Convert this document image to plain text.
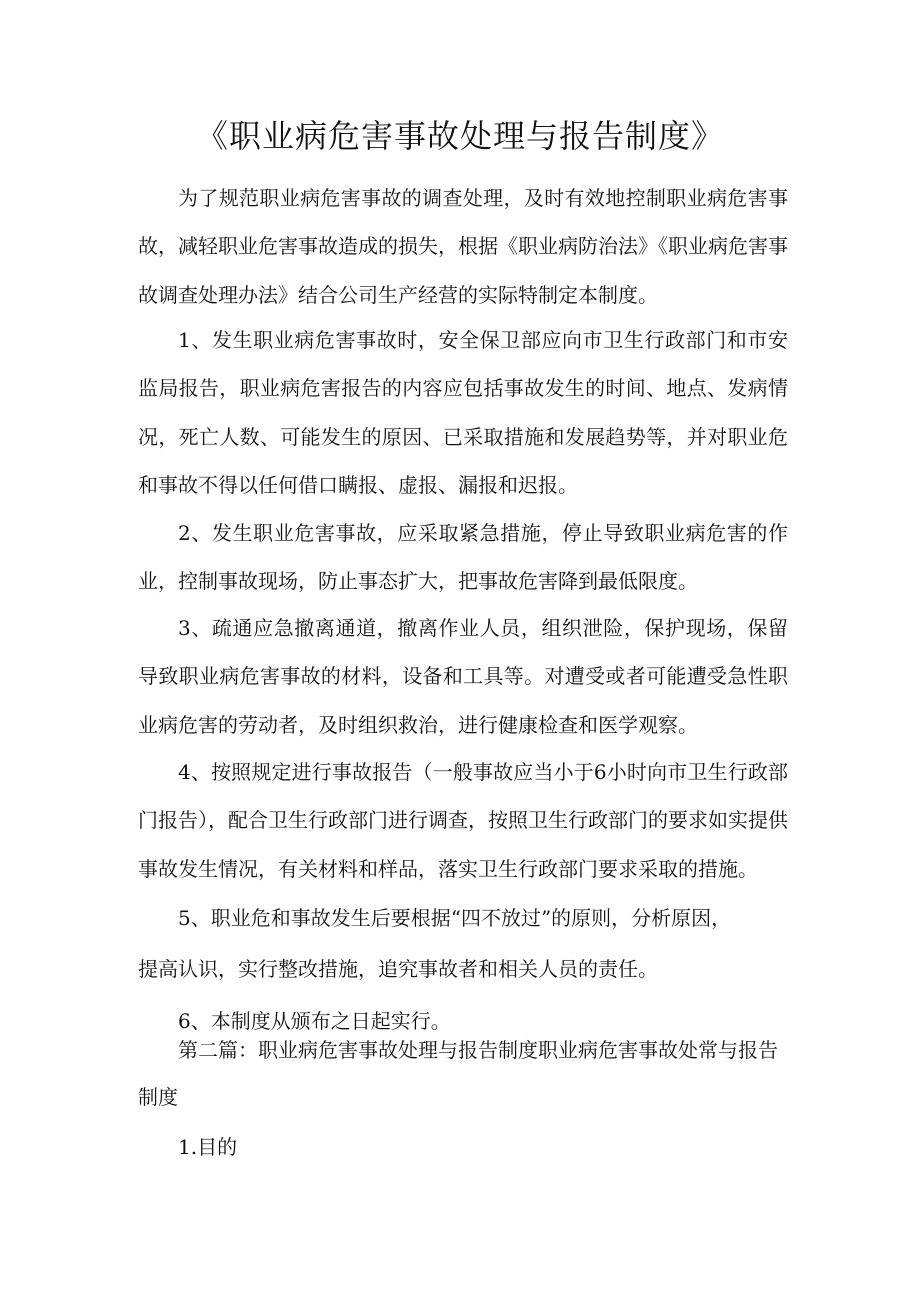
《职业病危害事故处理与报告制度》

为了规范职业病危害事故的调查处理，及时有效地控制职业病危害事故，减轻职业危害事故造成的损失，根据《职业病防治法》《职业病危害事故调查处理办法》结合公司生产经营的实际特制定本制度。

1、发生职业病危害事故时，安全保卫部应向市卫生行政部门和市安监局报告，职业病危害报告的内容应包括事故发生的时间、地点、发病情况，死亡人数、可能发生的原因、已采取措施和发展趋势等，并对职业危和事故不得以任何借口瞒报、虚报、漏报和迟报。

2、发生职业危害事故，应采取紧急措施，停止导致职业病危害的作业，控制事故现场，防止事态扩大，把事故危害降到最低限度。

3、疏通应急撤离通道，撤离作业人员，组织泄险，保护现场，保留导致职业病危害事故的材料，设备和工具等。对遭受或者可能遭受急性职业病危害的劳动者，及时组织救治，进行健康检查和医学观察。

4、按照规定进行事故报告（一般事故应当小于6小时向市卫生行政部门报告），配合卫生行政部门进行调查，按照卫生行政部门的要求如实提供事故发生情况，有关材料和样品，落实卫生行政部门要求采取的措施。

5、职业危和事故发生后要根据“四不放过”的原则，分析原因，

提高认识，实行整改措施，追究事故者和相关人员的责任。

6、本制度从颁布之日起实行。

第二篇：职业病危害事故处理与报告制度职业病危害事故处常与报告

制度

1.目的
